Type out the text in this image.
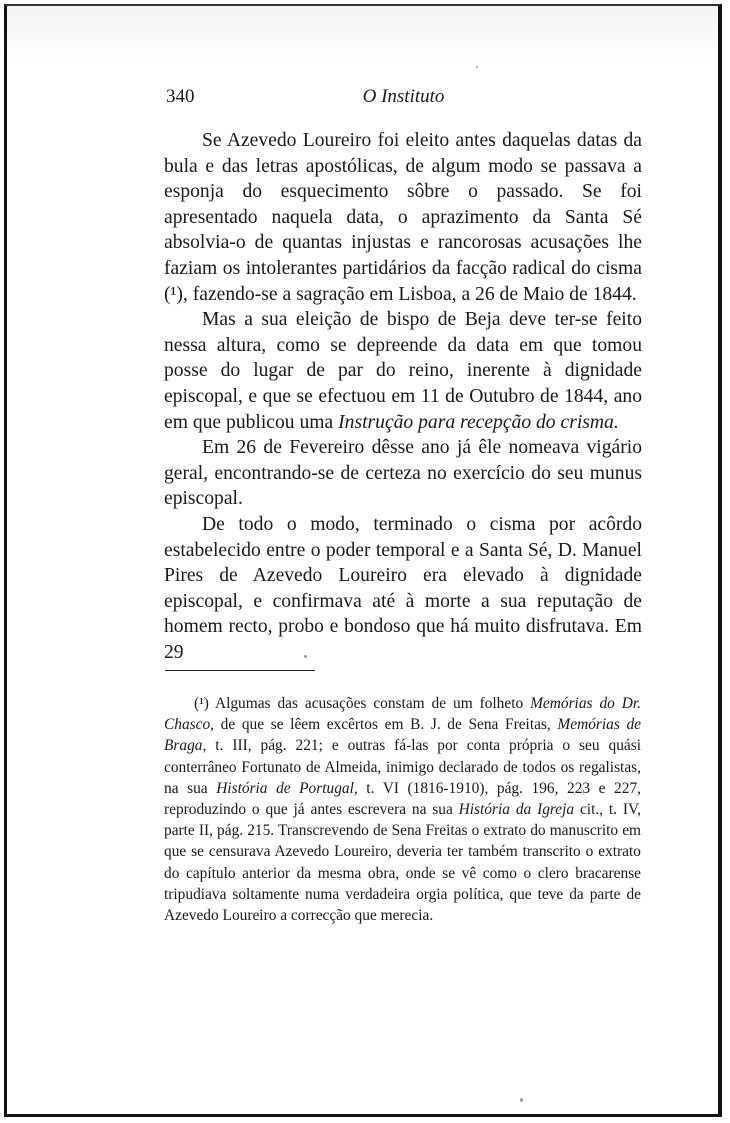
340	O Instituto

Se Azevedo Loureiro foi eleito antes daquelas datas da bula e das letras apostólicas, de algum modo se passava a esponja do esquecimento sôbre o passado. Se foi apresentado naquela data, o aprazimento da Santa Sé absolvia-o de quantas injustas e rancorosas acusações lhe faziam os intolerantes partidários da facção radical do cisma (¹), fazendo-se a sagração em Lisboa, a 26 de Maio de 1844.

Mas a sua eleição de bispo de Beja deve ter-se feito nessa altura, como se depreende da data em que tomou posse do lugar de par do reino, inerente à dignidade episcopal, e que se efectuou em 11 de Outubro de 1844, ano em que publicou uma Instrução para recepção do crisma.

Em 26 de Fevereiro dêsse ano já êle nomeava vigário geral, encontrando-se de certeza no exercício do seu munus episcopal.

De todo o modo, terminado o cisma por acôrdo estabelecido entre o poder temporal e a Santa Sé, D. Manuel Pires de Azevedo Loureiro era elevado à dignidade episcopal, e confirmava até à morte a sua reputação de homem recto, probo e bondoso que há muito disfrutava. Em 29

(¹) Algumas das acusações constam de um folheto Memórias do Dr. Chasco, de que se lêem excêrtos em B. J. de Sena Freitas, Memórias de Braga, t. III, pág. 221; e outras fá-las por conta própria o seu quási conterrâneo Fortunato de Almeida, inimigo declarado de todos os regalistas, na sua História de Portugal, t. VI (1816-1910), pág. 196, 223 e 227, reproduzindo o que já antes escrevera na sua História da Igreja cit., t. IV, parte II, pág. 215. Transcrevendo de Sena Freitas o extrato do manuscrito em que se censurava Azevedo Loureiro, deveria ter também transcrito o extrato do capítulo anterior da mesma obra, onde se vê como o clero bracarense tripudiava soltamente numa verdadeira orgia política, que teve da parte de Azevedo Loureiro a correcção que merecia.
